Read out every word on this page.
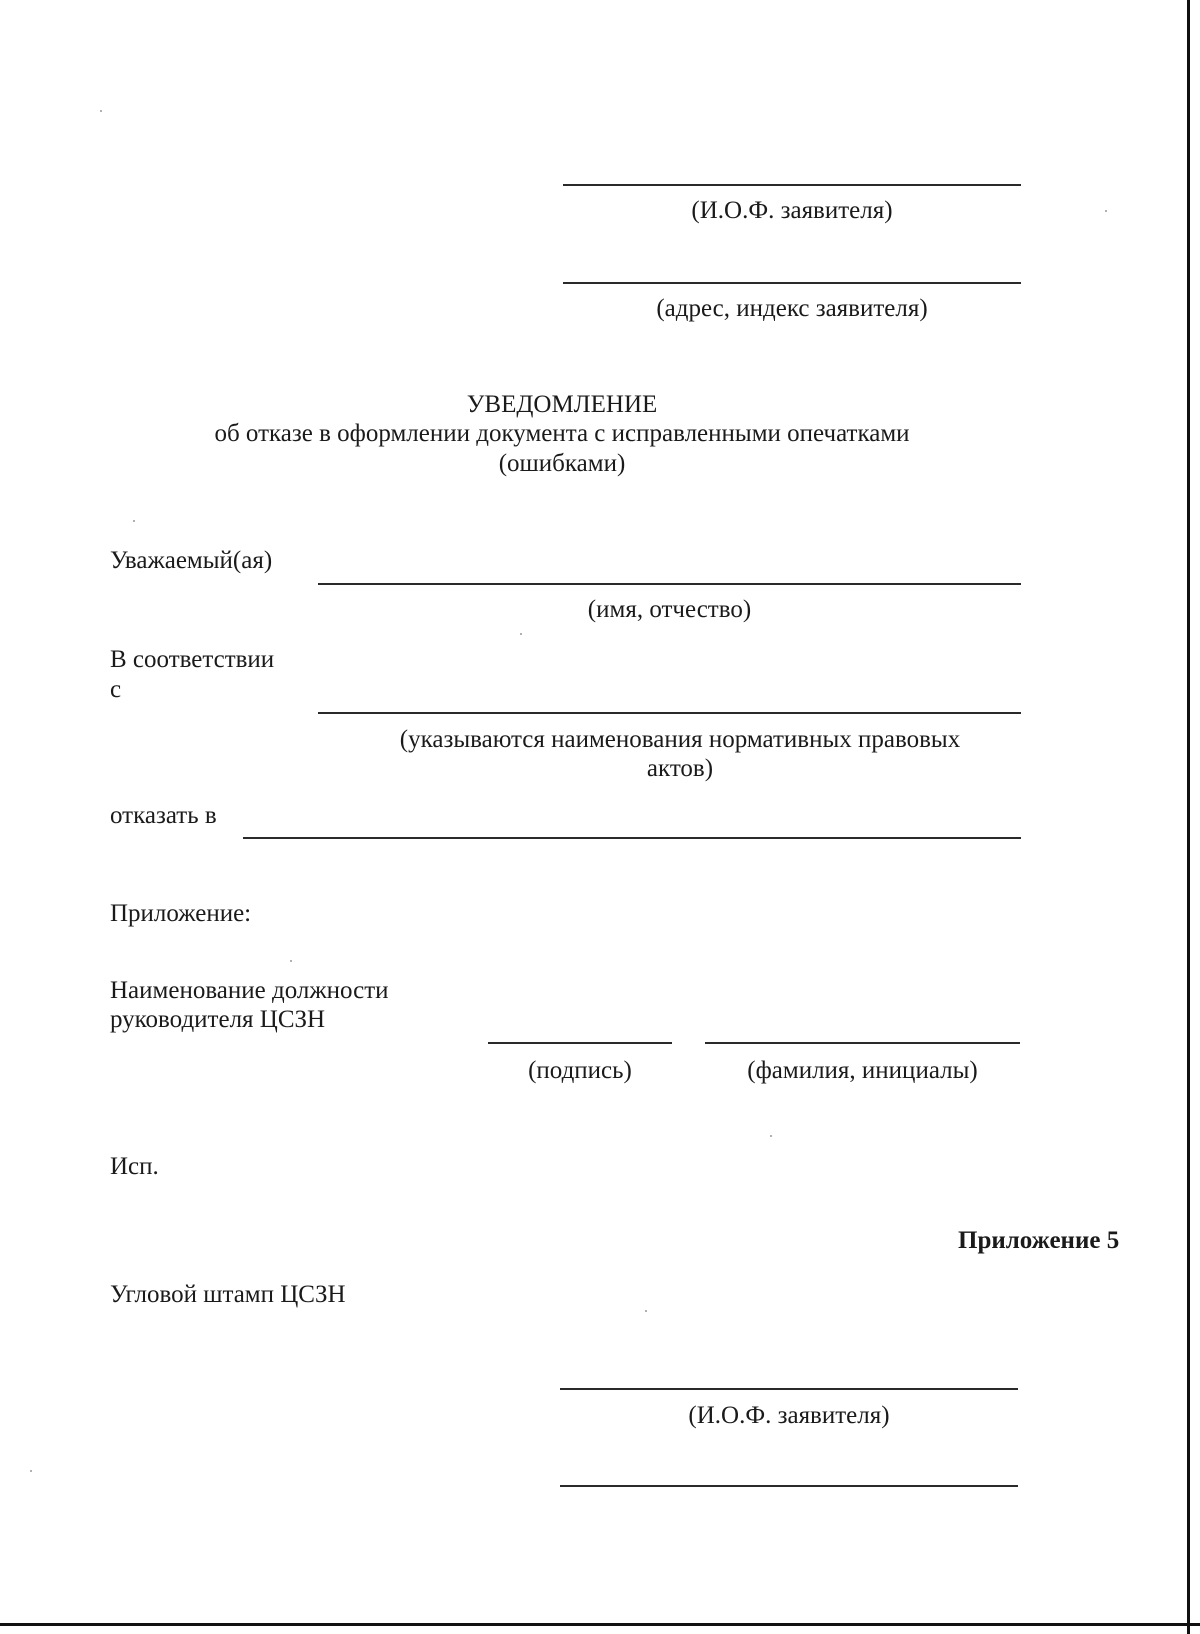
(И.О.Ф. заявителя)
(адрес, индекс заявителя)
УВЕДОМЛЕНИЕ
об отказе в оформлении документа с исправленными опечатками
(ошибками)
Уважаемый(ая)
(имя, отчество)
В соответствии
с
(указываются наименования нормативных правовых
актов)
отказать в
Приложение:
Наименование должности
руководителя ЦСЗН
(подпись)	(фамилия, инициалы)
Исп.
Приложение 5
Угловой штамп ЦСЗН
(И.О.Ф. заявителя)
